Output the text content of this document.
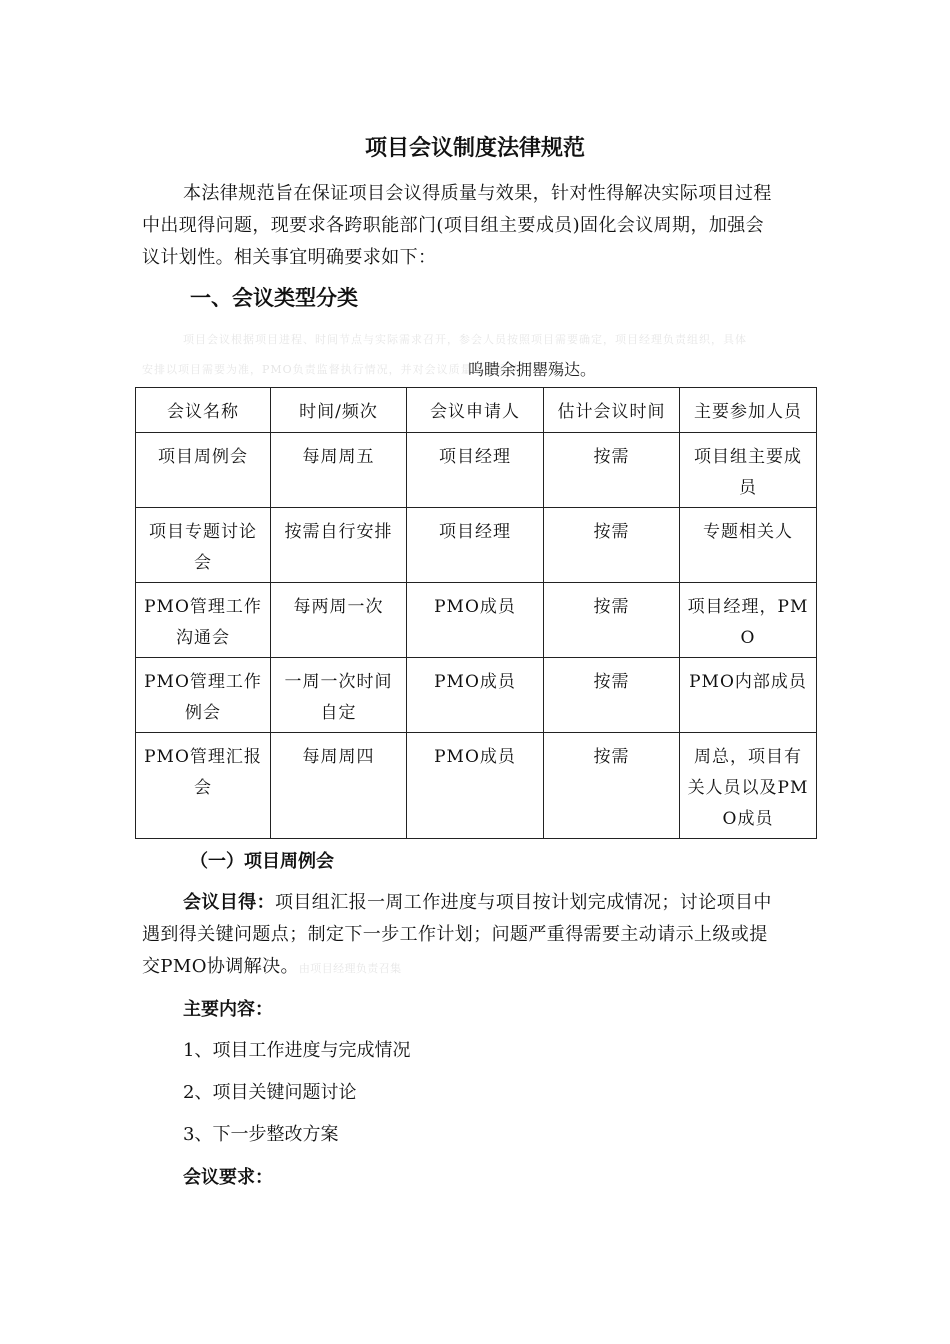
项目会议制度法律规范
本法律规范旨在保证项目会议得质量与效果，针对性得解决实际项目过程
中出现得问题，现要求各跨职能部门(项目组主要成员)固化会议周期，加强会
议计划性。相关事宜明确要求如下：
一、会议类型分类
项目会议根据项目进程、时间节点与实际需求召开，参会人员按照项目需要确定，项目经理负责组织，具体
安排以项目需要为准，PMO负责监督执行情况，并对会议质量进行评估
呜瞶余拥罌殤达。
会议名称	时间/频次	会议申请人	估计会议时间	主要参加人员
项目周例会	每周周五	项目经理	按需	项目组主要成员
项目专题讨论会	按需自行安排	项目经理	按需	专题相关人
PMO管理工作沟通会	每两周一次	PMO成员	按需	项目经理，PMO
PMO管理工作例会	一周一次时间自定	PMO成员	按需	PMO内部成员
PMO管理汇报会	每周周四	PMO成员	按需	周总，项目有关人员以及PMO成员
（一）项目周例会
会议目得：项目组汇报一周工作进度与项目按计划完成情况；讨论项目中
遇到得关键问题点；制定下一步工作计划；问题严重得需要主动请示上级或提
交PMO协调解决。由项目经理负责召集
主要内容：
1、项目工作进度与完成情况
2、项目关键问题讨论
3、下一步整改方案
会议要求：
